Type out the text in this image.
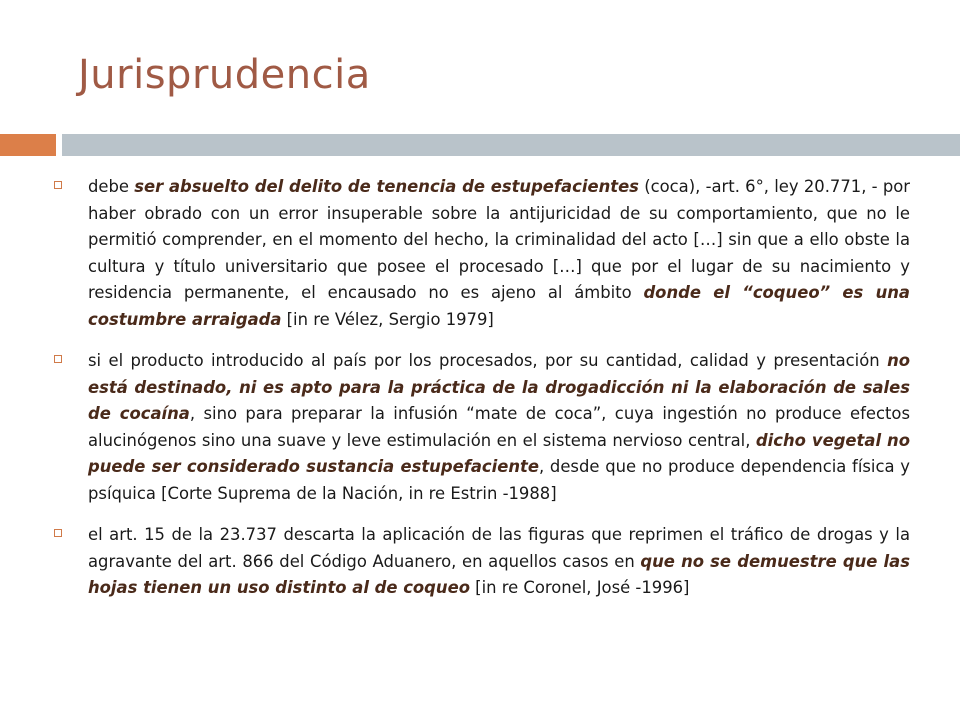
Jurisprudencia
debe ser absuelto del delito de tenencia de estupefacientes (coca), -art. 6°, ley 20.771, - por haber obrado con un error insuperable sobre la antijuricidad de su comportamiento, que no le permitió comprender, en el momento del hecho, la criminalidad del acto […] sin que a ello obste la cultura y título universitario que posee el procesado […] que por el lugar de su nacimiento y residencia permanente, el encausado no es ajeno al ámbito donde el “coqueo” es una costumbre arraigada [in re Vélez, Sergio 1979]
si el producto introducido al país por los procesados, por su cantidad, calidad y presentación no está destinado, ni es apto para la práctica de la drogadicción ni la elaboración de sales de cocaína, sino para preparar la infusión “mate de coca”, cuya ingestión no produce efectos alucinógenos sino una suave y leve estimulación en el sistema nervioso central, dicho vegetal no puede ser considerado sustancia estupefaciente, desde que no produce dependencia física y psíquica [Corte Suprema de la Nación, in re Estrin -1988]
el art. 15 de la 23.737 descarta la aplicación de las figuras que reprimen el tráfico de drogas y la agravante del art. 866 del Código Aduanero, en aquellos casos en que no se demuestre que las hojas tienen un uso distinto al de coqueo [in re Coronel, José -1996]
